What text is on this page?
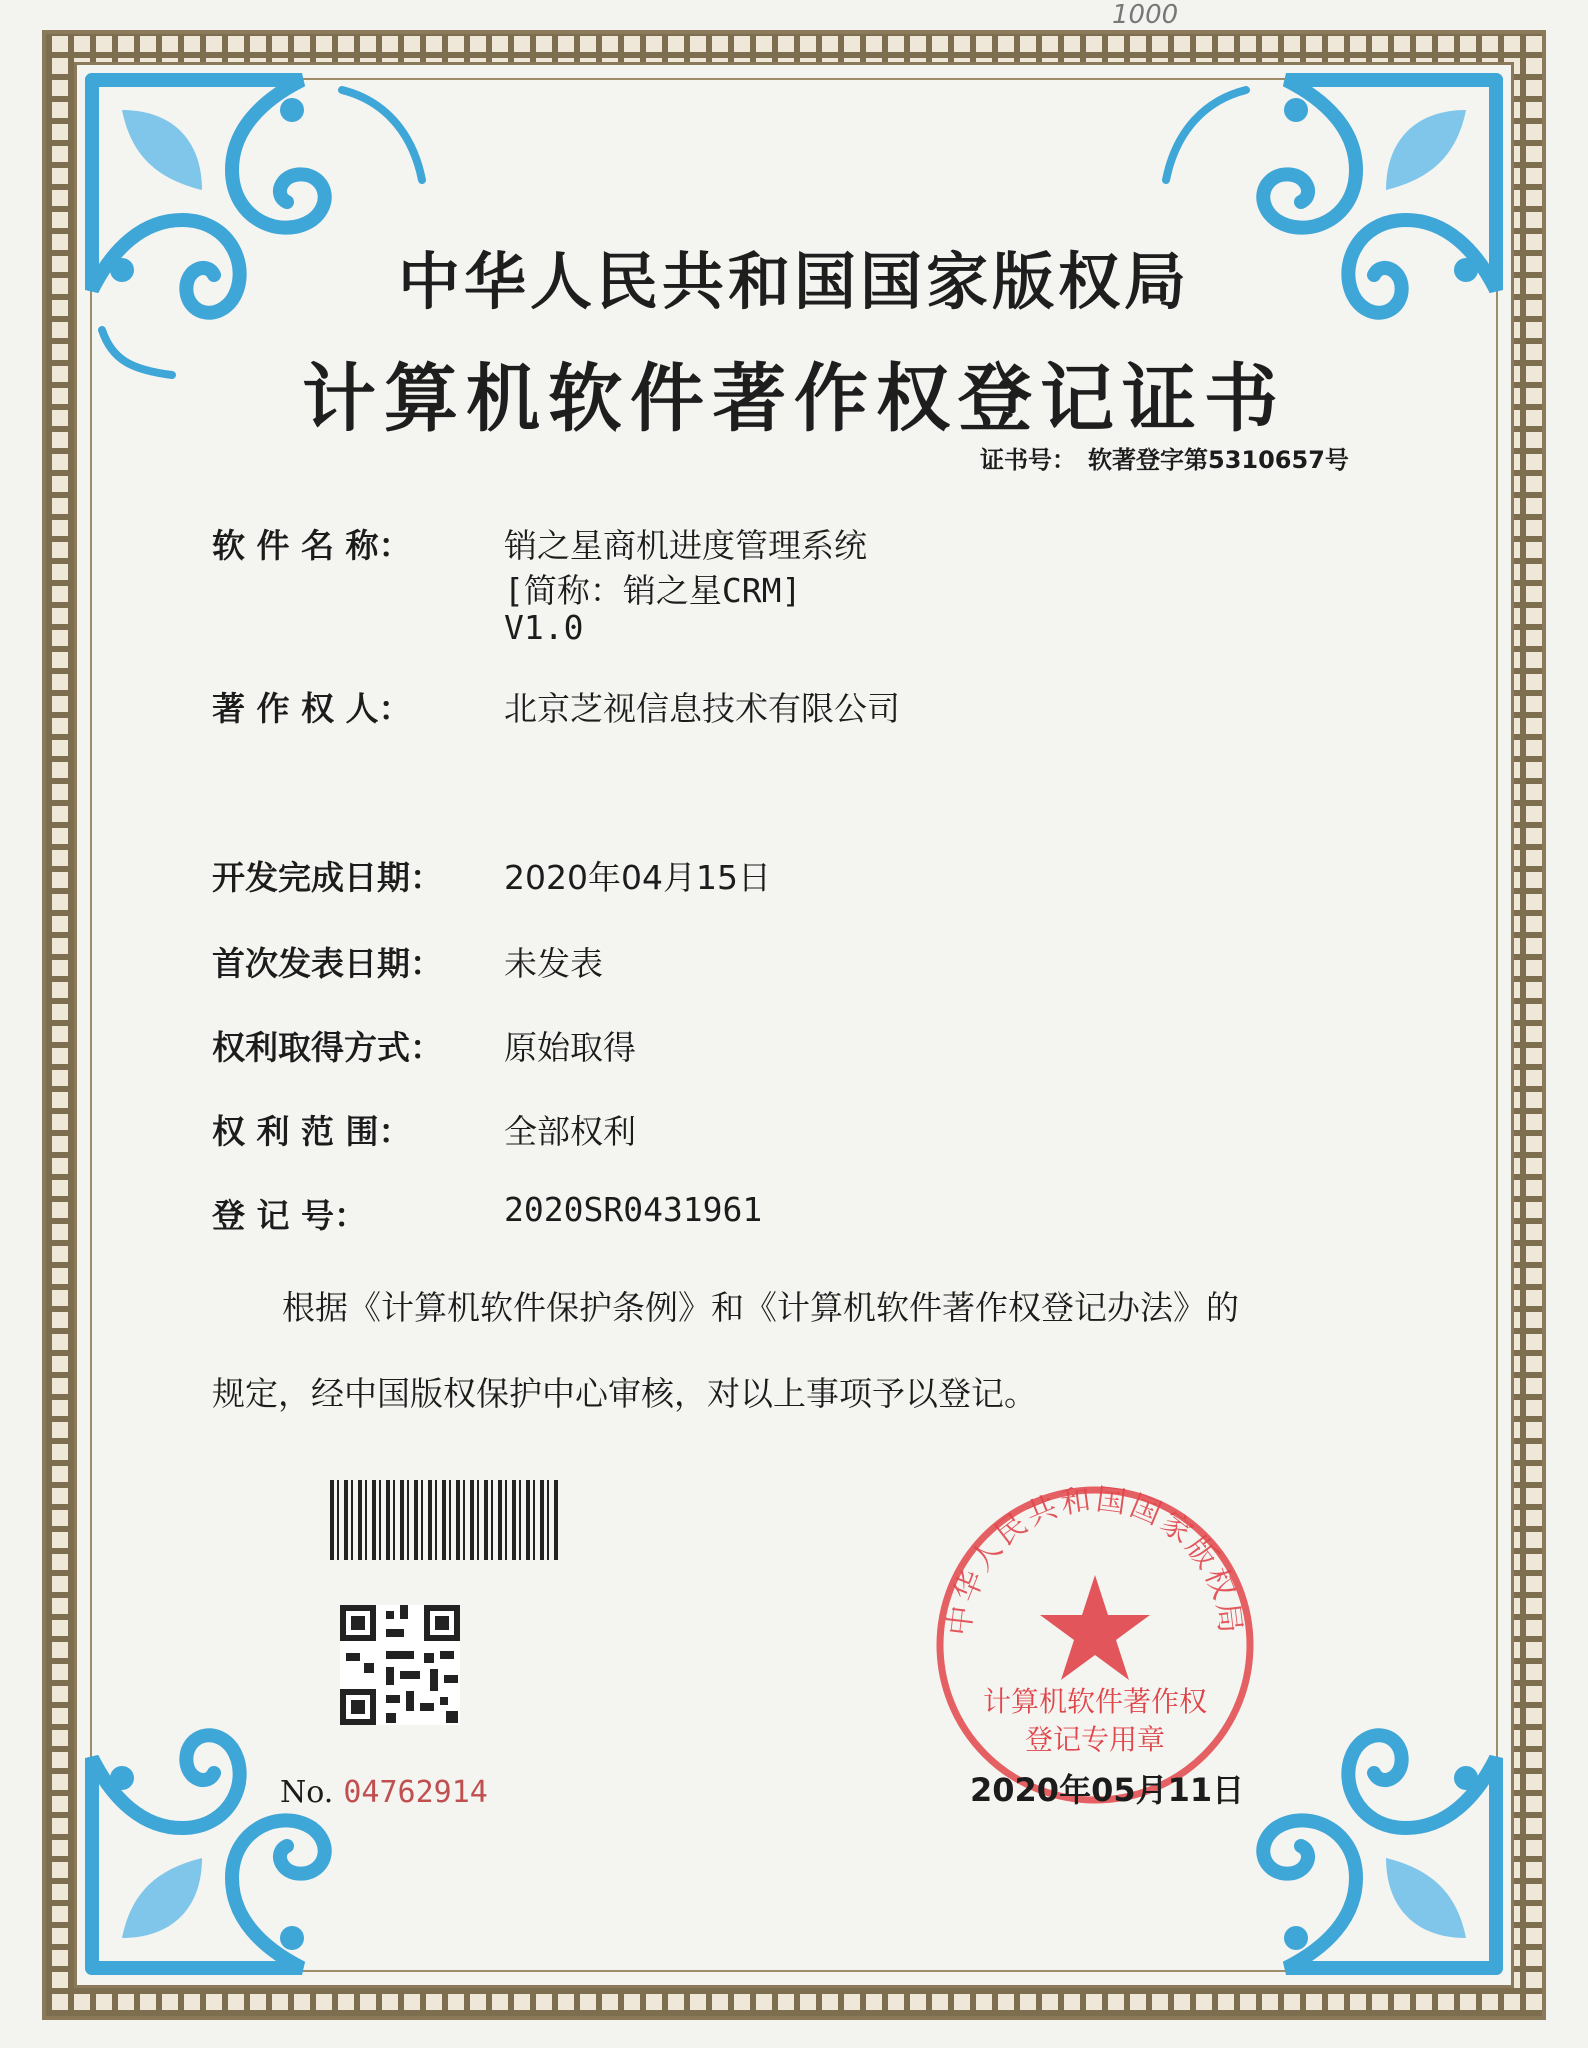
1000
中华人民共和国国家版权局
计算机软件著作权登记证书
证书号： 软著登字第5310657号
软 件 名 称：	销之星商机进度管理系统
[简称：销之星CRM]
V1.0
著 作 权 人：	北京芝视信息技术有限公司
开发完成日期： 2020年04月15日
首次发表日期： 未发表
权利取得方式： 原始取得
权 利 范 围：	全部权利
登 记 号：	2020SR0431961
根据《计算机软件保护条例》和《计算机软件著作权登记办法》的
规定，经中国版权保护中心审核，对以上事项予以登记。
No. 04762914
中华人民共和国国家版权局
计算机软件著作权
登记专用章
2020年05月11日
